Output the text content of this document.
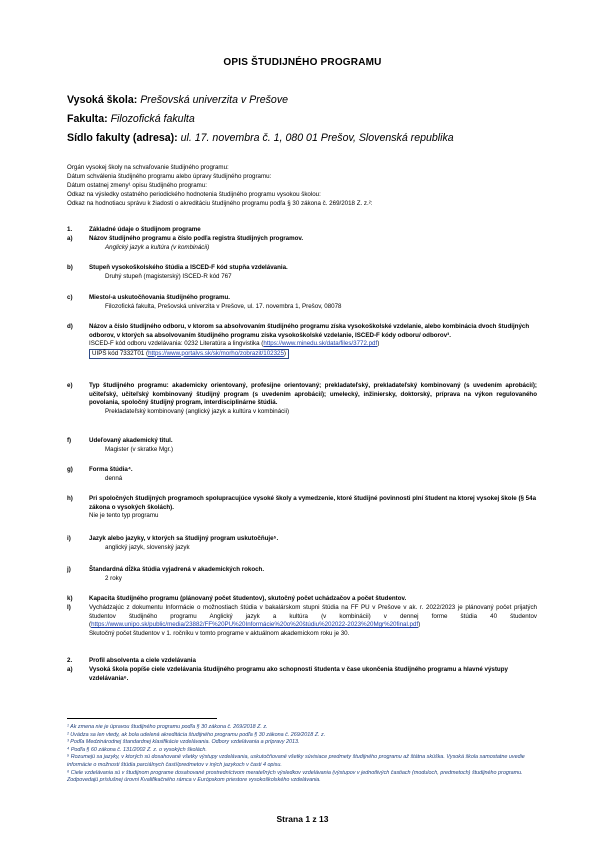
OPIS ŠTUDIJNÉHO PROGRAMU
Vysoká škola: Prešovská univerzita v Prešove
Fakulta: Filozofická fakulta
Sídlo fakulty (adresa): ul. 17. novembra č. 1, 080 01 Prešov, Slovenská republika
Orgán vysokej školy na schvaľovanie študijného programu:
Dátum schválenia študijného programu alebo úpravy študijného programu:
Dátum ostatnej zmeny¹ opisu študijného programu:
Odkaz na výsledky ostatného periodického hodnotenia študijného programu vysokou školou:
Odkaz na hodnotiacu správu k žiadosti o akreditáciu študijného programu podľa § 30 zákona č. 269/2018 Z. z.²:
1.	Základné údaje o študijnom programe
a)	Názov študijného programu a číslo podľa registra študijných programov.
Anglický jazyk a kultúra (v kombinácii)
b)	Stupeň vysokoškolského štúdia a ISCED-F kód stupňa vzdelávania.
Druhý stupeň (magisterský) ISCED-R kód 767
c)	Miesto/-a uskutočňovania študijného programu.
Filozofická fakulta, Prešovská univerzita v Prešove, ul. 17. novembra 1, Prešov, 08078
d)	Názov a číslo študijného odboru, v ktorom sa absolvovaním študijného programu získa vysokoškolské vzdelanie, alebo kombinácia dvoch študijných odborov, v ktorých sa absolvovaním študijného programu získa vysokoškolské vzdelanie, ISCED-F kódy odboru/ odborov³.
ISCED-F kód odboru vzdelávania: 0232 Literatúra a lingvistika (https://www.minedu.sk/data/files/3772.pdf)
UIPŠ kód 7332T01 (https://www.portalvs.sk/sk/morho/zobrazit/102325)
e)	Typ študijného programu: akademicky orientovaný, profesijne orientovaný; prekladateľský, prekladateľský kombinovaný (s uvedením aprobácií); učiteľský, učiteľský kombinovaný študijný program (s uvedením aprobácií); umelecký, inžiniersky, doktorský, príprava na výkon regulovaného povolania, spoločný študijný program, interdisciplinárne štúdiá.
Prekladateľský kombinovaný (anglický jazyk a kultúra v kombinácii)
f)	Udeľovaný akademický titul.
Magister (v skratke Mgr.)
g)	Forma štúdia⁴.
denná
h)	Pri spoločných študijných programoch spolupracujúce vysoké školy a vymedzenie, ktoré študijné povinnosti plní študent na ktorej vysokej škole (§ 54a zákona o vysokých školách).
Nie je tento typ programu
i)	Jazyk alebo jazyky, v ktorých sa študijný program uskutočňuje⁵.
anglický jazyk, slovenský jazyk
j)	Štandardná dĺžka štúdia vyjadrená v akademických rokoch.
2 roky
k)	Kapacita študijného programu (plánovaný počet študentov), skutočný počet uchádzačov a počet študentov.
l)	Vychádzajúc z dokumentu Informácie o možnostiach štúdia v bakalárskom stupni štúdia na FF PU v Prešove v ak. r. 2022/2023 je plánovaný počet prijatých študentov študijného programu Anglický jazyk a kultúra (v kombinácii) v dennej forme štúdia 40 študentov (https://www.unipo.sk/public/media/23882/FF%20PU%20Informácie%20o%20štúdiu%202022-2023%20Mgr%20final.pdf)
Skutočný počet študentov v 1. ročníku v tomto programe v aktuálnom akademickom roku je 30.
2.	Profil absolventa a ciele vzdelávania
a)	Vysoká škola popíše ciele vzdelávania študijného programu ako schopnosti študenta v čase ukončenia študijného programu a hlavné výstupy vzdelávania⁶.
¹ Ak zmena nie je úpravou študijného programu podľa § 30 zákona č. 269/2018 Z. z.
² Uvádza sa len vtedy, ak bola udelená akreditácia študijného programu podľa § 30 zákona č. 269/2018 Z. z.
³ Podľa Medzinárodnej štandardnej klasifikácie vzdelávania. Odbory vzdelávania a prípravy 2013.
⁴ Podľa § 60 zákona č. 131/2002 Z. z. o vysokých školách.
⁵ Rozumejú sa jazyky, v ktorých sú dosahované všetky výstupy vzdelávania, uskutočňované všetky súvisiace predmety študijného programu až štátna skúška. Vysoká škola samostatne uvedie informácie o možnosti štúdia parciálnych častí/predmetov v iných jazykoch v časti 4 opisu.
⁶ Ciele vzdelávania sú v študijnom programe dosahované prostredníctvom merateľných výsledkov vzdelávania (výstupov v jednotlivých častiach (moduloch, predmetoch) študijného programu. Zodpovedajú príslušnej úrovni Kvalifikačného rámca v Európskom priestore vysokoškolského vzdelávania.
Strana 1 z 13
